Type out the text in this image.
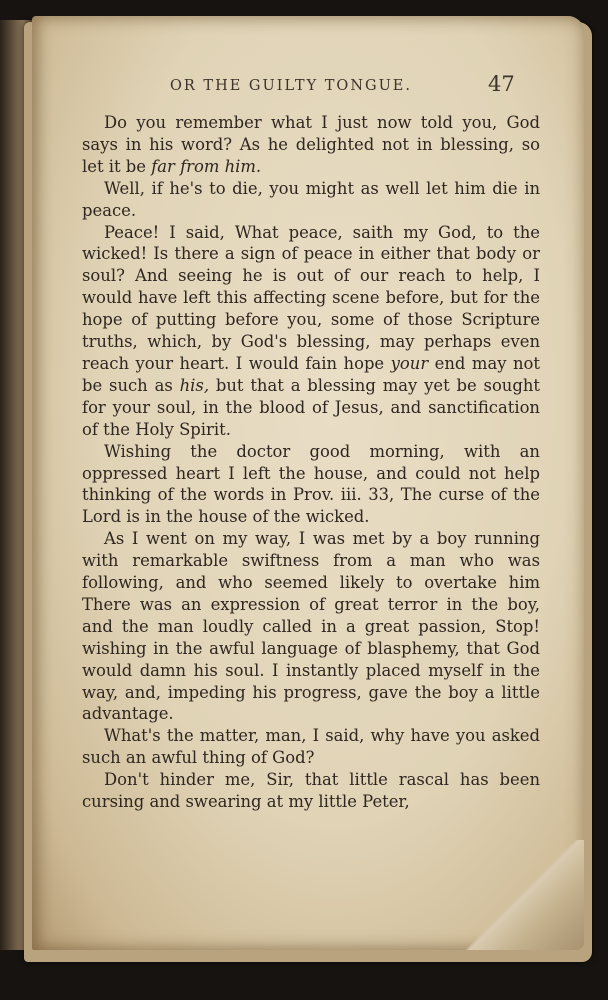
OR THE GUILTY TONGUE.	47

Do you remember what I just now told you, God says in his word? As he delighted not in blessing, so let it be far from him.

Well, if he's to die, you might as well let him die in peace.

Peace! I said, What peace, saith my God, to the wicked! Is there a sign of peace in either that body or soul? And seeing he is out of our reach to help, I would have left this affecting scene before, but for the hope of putting before you, some of those Scripture truths, which, by God's blessing, may perhaps even reach your heart. I would fain hope your end may not be such as his, but that a blessing may yet be sought for your soul, in the blood of Jesus, and sanctification of the Holy Spirit.

Wishing the doctor good morning, with an oppressed heart I left the house, and could not help thinking of the words in Prov. iii. 33, The curse of the Lord is in the house of the wicked.

As I went on my way, I was met by a boy running with remarkable swiftness from a man who was following, and who seemed likely to overtake him There was an expression of great terror in the boy, and the man loudly called in a great passion, Stop! wishing in the awful language of blasphemy, that God would damn his soul. I instantly placed myself in the way, and, impeding his progress, gave the boy a little advantage.

What's the matter, man, I said, why have you asked such an awful thing of God?

Don't hinder me, Sir, that little rascal has been cursing and swearing at my little Peter,
